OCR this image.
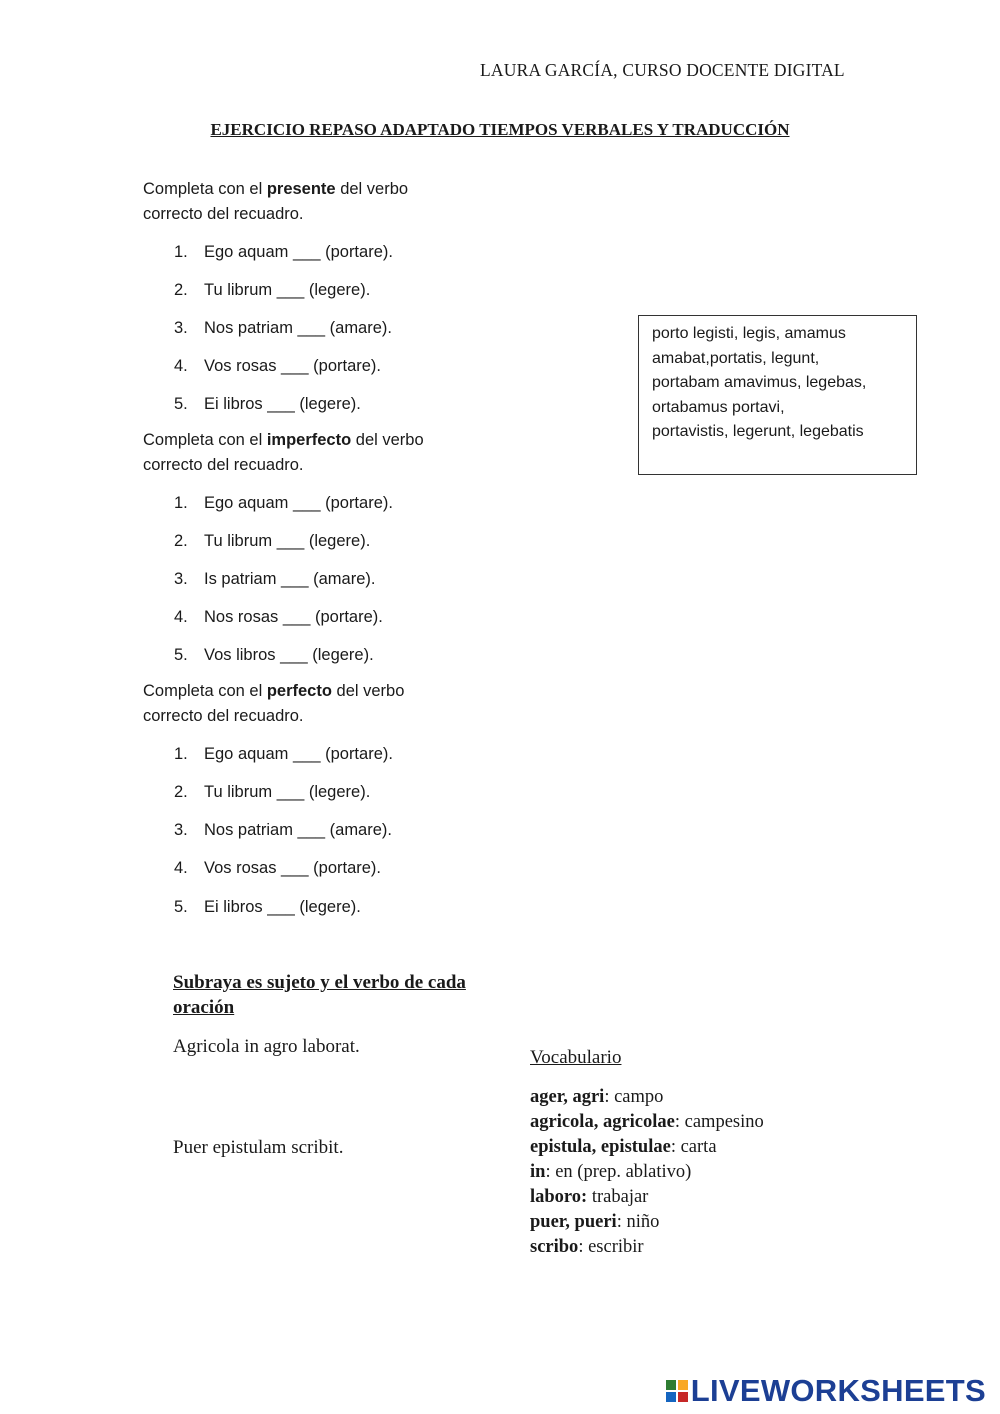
LAURA GARCÍA, CURSO DOCENTE DIGITAL
EJERCICIO REPASO ADAPTADO TIEMPOS VERBALES Y TRADUCCIÓN
Completa con el presente del verbo correcto del recuadro.
1. Ego aquam ___ (portare).
2. Tu librum ___ (legere).
3. Nos patriam ___ (amare).
4. Vos rosas ___ (portare).
5. Ei libros ___ (legere).
Completa con el imperfecto del verbo correcto del recuadro.
1. Ego aquam ___ (portare).
2. Tu librum ___ (legere).
3. Is patriam ___ (amare).
4. Nos rosas ___ (portare).
5. Vos libros ___ (legere).
Completa con el perfecto del verbo correcto del recuadro.
1. Ego aquam ___ (portare).
2. Tu librum ___ (legere).
3. Nos patriam ___ (amare).
4. Vos rosas ___ (portare).
5. Ei libros ___ (legere).
porto legisti, legis, amamus
amabat,portatis, legunt,
portabam amavimus, legebas,
ortabamus portavi,
portavistis, legerunt, legebatis
Subraya es sujeto y el verbo de cada oración
Agricola in agro laborat.
Puer epistulam scribit.
Vocabulario
ager, agri: campo
agricola, agricolae: campesino
epistula, epistulae: carta
in: en (prep. ablativo)
laboro: trabajar
puer, pueri: niño
scribo: escribir
LIVEWORKSHEETS
